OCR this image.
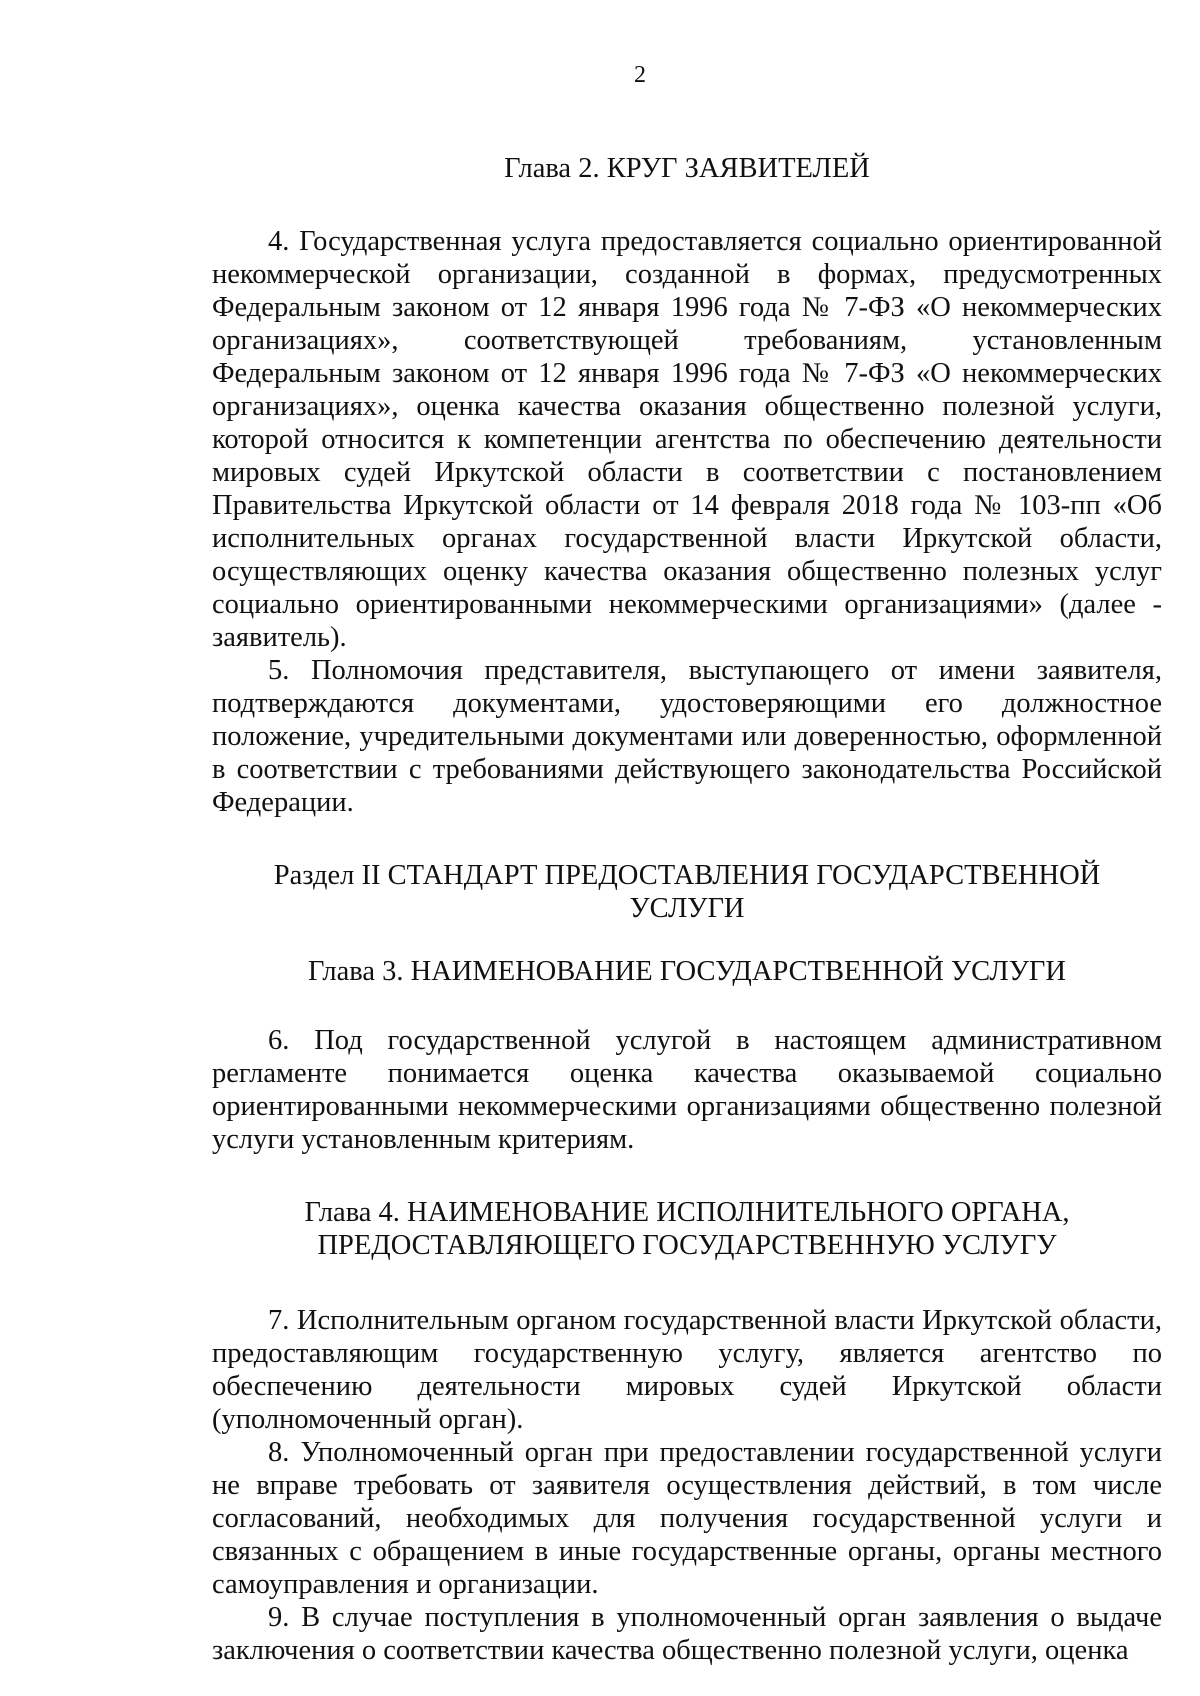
2
Глава 2. КРУГ ЗАЯВИТЕЛЕЙ

4. Государственная услуга предоставляется социально ориентированной некоммерческой организации, созданной в формах, предусмотренных Федеральным законом от 12 января 1996 года № 7-ФЗ «О некоммерческих организациях», соответствующей требованиям, установленным Федеральным законом от 12 января 1996 года № 7-ФЗ «О некоммерческих организациях», оценка качества оказания общественно полезной услуги, которой относится к компетенции агентства по обеспечению деятельности мировых судей Иркутской области в соответствии с постановлением Правительства Иркутской области от 14 февраля 2018 года № 103-пп «Об исполнительных органах государственной власти Иркутской области, осуществляющих оценку качества оказания общественно полезных услуг социально ориентированными некоммерческими организациями» (далее - заявитель).

5. Полномочия представителя, выступающего от имени заявителя, подтверждаются документами, удостоверяющими его должностное положение, учредительными документами или доверенностью, оформленной в соответствии с требованиями действующего законодательства Российской Федерации.

Раздел II СТАНДАРТ ПРЕДОСТАВЛЕНИЯ ГОСУДАРСТВЕННОЙ
УСЛУГИ
Глава 3. НАИМЕНОВАНИЕ ГОСУДАРСТВЕННОЙ УСЛУГИ

6. Под государственной услугой в настоящем административном регламенте понимается оценка качества оказываемой социально ориентированными некоммерческими организациями общественно полезной услуги установленным критериям.

Глава 4. НАИМЕНОВАНИЕ ИСПОЛНИТЕЛЬНОГО ОРГАНА,
ПРЕДОСТАВЛЯЮЩЕГО ГОСУДАРСТВЕННУЮ УСЛУГУ

7. Исполнительным органом государственной власти Иркутской области, предоставляющим государственную услугу, является агентство по обеспечению деятельности мировых судей Иркутской области (уполномоченный орган).

8. Уполномоченный орган при предоставлении государственной услуги не вправе требовать от заявителя осуществления действий, в том числе согласований, необходимых для получения государственной услуги и связанных с обращением в иные государственные органы, органы местного самоуправления и организации.

9. В случае поступления в уполномоченный орган заявления о выдаче заключения о соответствии качества общественно полезной услуги, оценка
